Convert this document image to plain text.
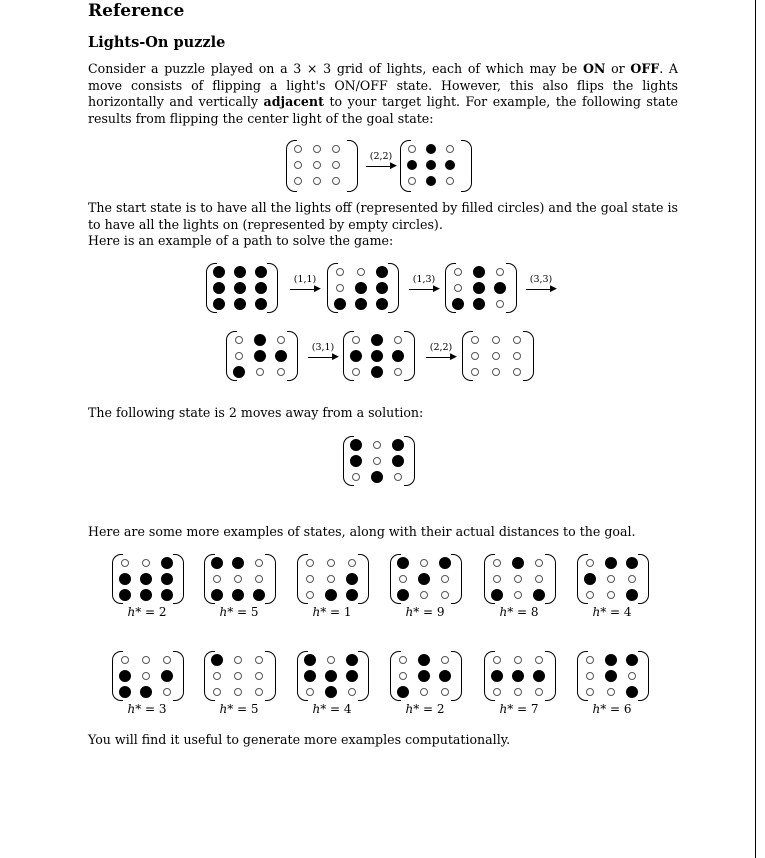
Reference
Lights-On puzzle

Consider a puzzle played on a 3 × 3 grid of lights, each of which may be ON or OFF. A move consists of flipping a light's ON/OFF state. However, this also flips the lights horizontally and vertically adjacent to your target light. For example, the following state results from flipping the center light of the goal state:

(2,2)
▶

The start state is to have all the lights off (represented by filled circles) and the goal state is to have all the lights on (represented by empty circles).
Here is an example of a path to solve the game:

(1,1)
▶
(1,3)
▶
(3,3)
▶
(3,1)
▶
(2,2)
▶

The following state is 2 moves away from a solution:

Here are some more examples of states, along with their actual distances to the goal.

h* = 2	h* = 5	h* = 1	h* = 9	h* = 8	h* = 4
h* = 3	h* = 5	h* = 4	h* = 2	h* = 7	h* = 6

You will find it useful to generate more examples computationally.
